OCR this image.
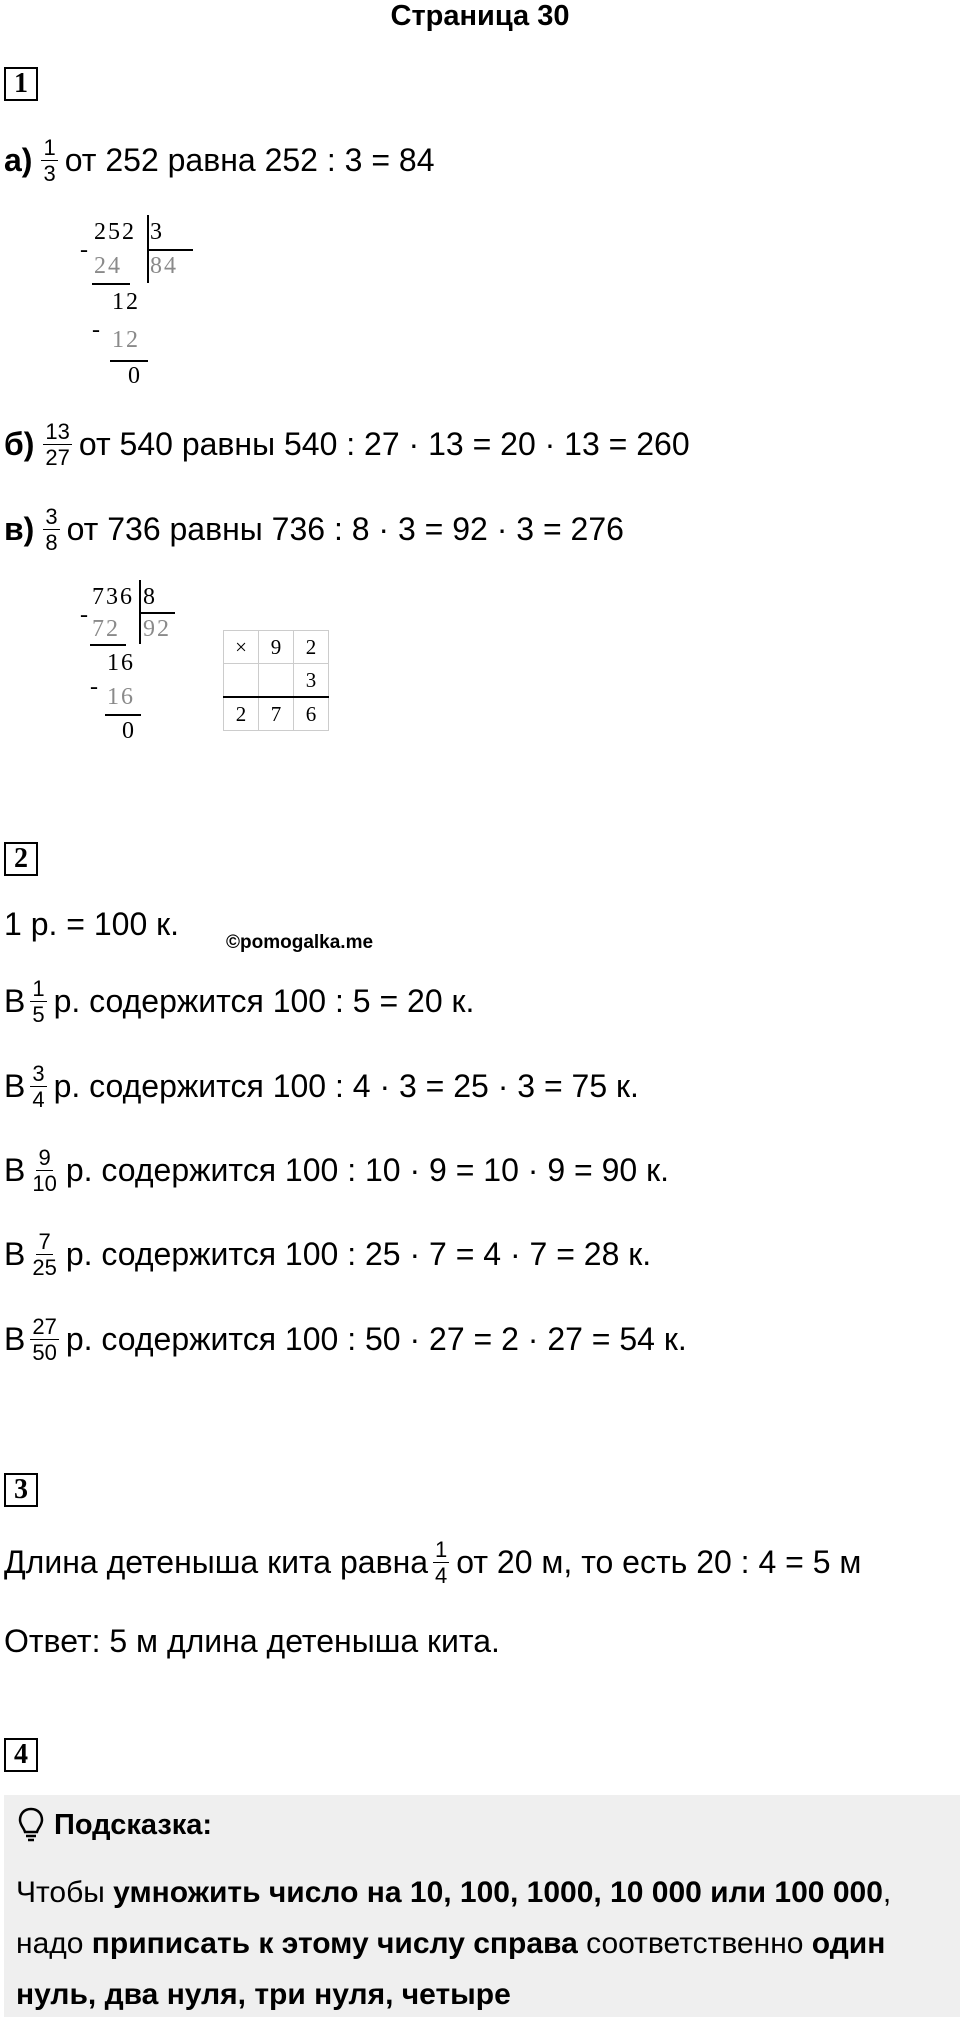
Страница 30
1
$а) \frac{1}{3}$ от 252 равна 252 : 3 = 84
252 3
84
-
24
12
- 12
0
$б) \frac{13}{27}$ от 540 равны 540 : 27 · 13 = 20 · 13 = 260
$в) \frac{3}{8}$ от 736 равны 736 : 8 · 3 = 92 · 3 = 276
736 8
92
-
72
16
- 16
0
×	9	2
		3
2	7	6
2
1 р. = 100 к.
©pomogalka.me
В $\frac{1}{5} р$. содержится 100 : 5 = 20 к.
В $\frac{3}{4} р$. содержится 100 : 4 · 3 = 25 · 3 = 75 к.
В $\frac{9}{10} р$. содержится 100 : 10 · 9 = 10 · 9 = 90 к.
В $\frac{7}{25} р$. содержится 100 : 25 · 7 = 4 · 7 = 28 к.
В $\frac{27}{50} р$. содержится 100 : 50 · 27 = 2 · 27 = 54 к.
3
Длина детеныша кита равна $\frac{1}{4}$ от 20 м, то есть 20 : 4 = 5 м
Ответ: 5 м длина детеныша кита.
4
Подсказка:
Чтобы умножить число на 10, 100, 1000, 10 000 или 100 000, надо приписать к этому числу справа соответственно один нуль, два нуля, три нуля, четыре
